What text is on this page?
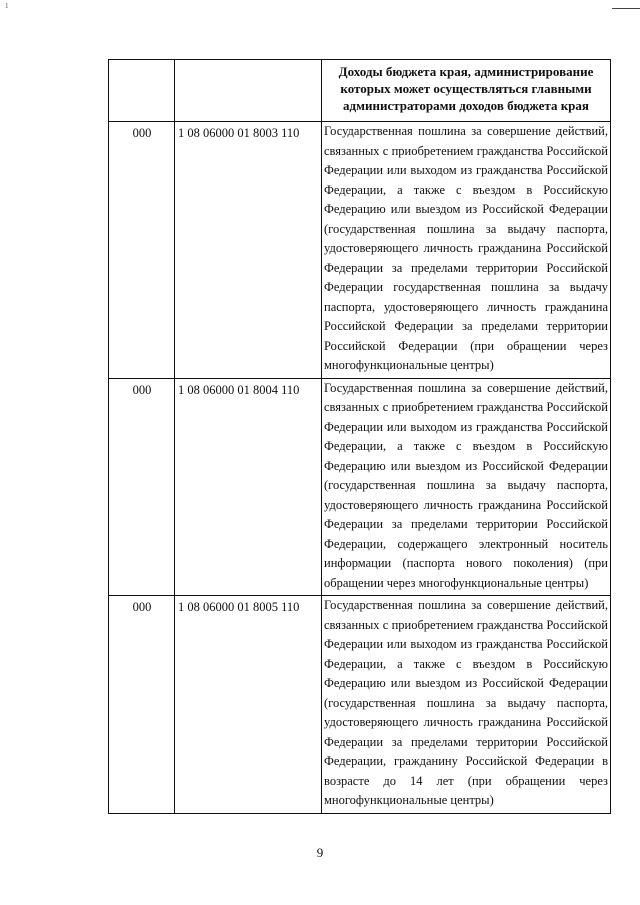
1
		Доходы бюджета края, администрирование которых может осуществляться главными администраторами доходов бюджета края
000	1 08 06000 01 8003 110	Государственная пошлина за совершение действий, связанных с приобретением гражданства Российской Федерации или выходом из гражданства Российской Федерации, а также с въездом в Российскую Федерацию или выездом из Российской Федерации (государственная пошлина за выдачу паспорта, удостоверяющего личность гражданина Российской Федерации за пределами территории Российской Федерации государственная пошлина за выдачу паспорта, удостоверяющего личность гражданина Российской Федерации за пределами территории Российской Федерации (при обращении через многофункциональные центры)
000	1 08 06000 01 8004 110	Государственная пошлина за совершение действий, связанных с приобретением гражданства Российской Федерации или выходом из гражданства Российской Федерации, а также с въездом в Российскую Федерацию или выездом из Российской Федерации (государственная пошлина за выдачу паспорта, удостоверяющего личность гражданина Российской Федерации за пределами территории Российской Федерации, содержащего электронный носитель информации (паспорта нового поколения) (при обращении через многофункциональные центры)
000	1 08 06000 01 8005 110	Государственная пошлина за совершение действий, связанных с приобретением гражданства Российской Федерации или выходом из гражданства Российской Федерации, а также с въездом в Российскую Федерацию или выездом из Российской Федерации (государственная пошлина за выдачу паспорта, удостоверяющего личность гражданина Российской Федерации за пределами территории Российской Федерации, гражданину Российской Федерации в возрасте до 14 лет (при обращении через многофункциональные центры)
9
